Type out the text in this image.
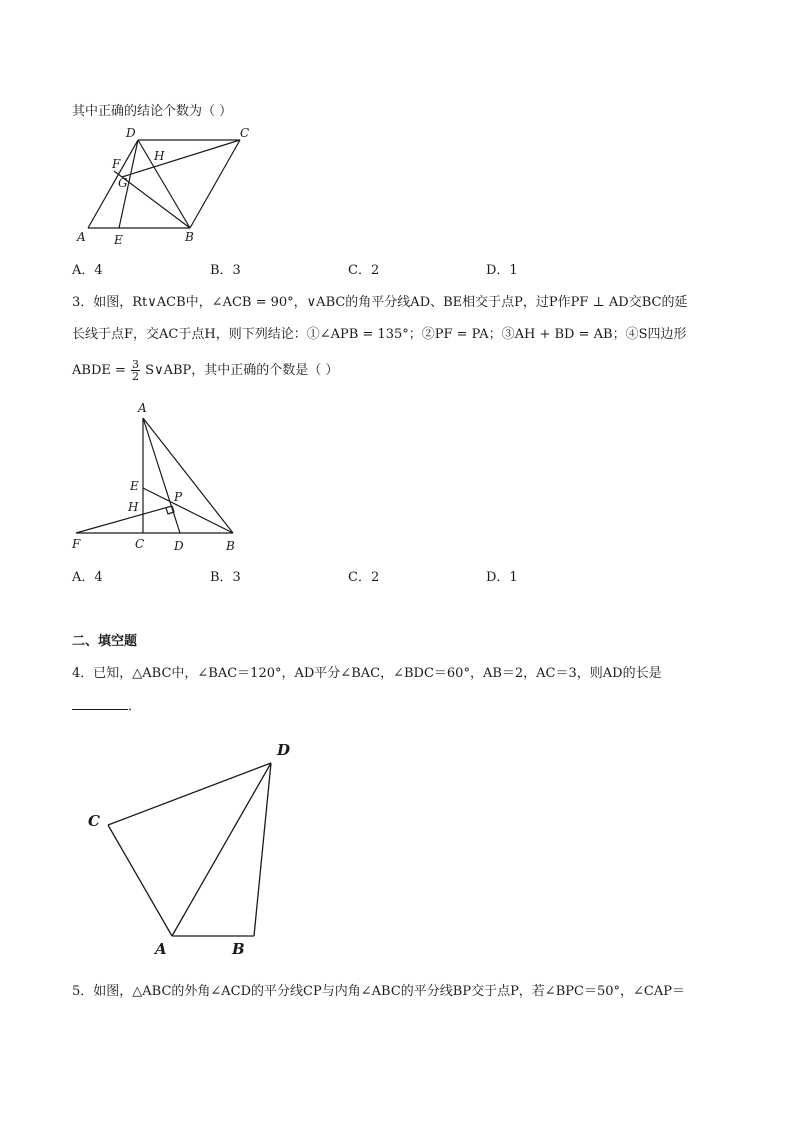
其中正确的结论个数为（ ）
D	C
F
H
G
A E	B
A．4	B．3	C．2	D．1
3．如图，Rt∨ACB中，∠ACB = 90°，∨ABC的角平分线AD、BE相交于点P，过P作PF ⊥ AD交BC的延
长线于点F，交AC于点H，则下列结论：①∠APB = 135°；②PF = PA；③AH + BD = AB；④S四边形
ABDE = $\frac{3}{2}$ S∨ABP，其中正确的个数是（ ）
A
E
P
H
F	C D	B
A．4	B．3	C．2	D．1
二、填空题
4．已知，△ABC中，∠BAC＝120°，AD平分∠BAC，∠BDC＝60°，AB＝2，AC＝3，则AD的长是
．
D
C
A	B
5．如图，△ABC的外角∠ACD的平分线CP与内角∠ABC的平分线BP交于点P，若∠BPC＝50°，∠CAP＝
